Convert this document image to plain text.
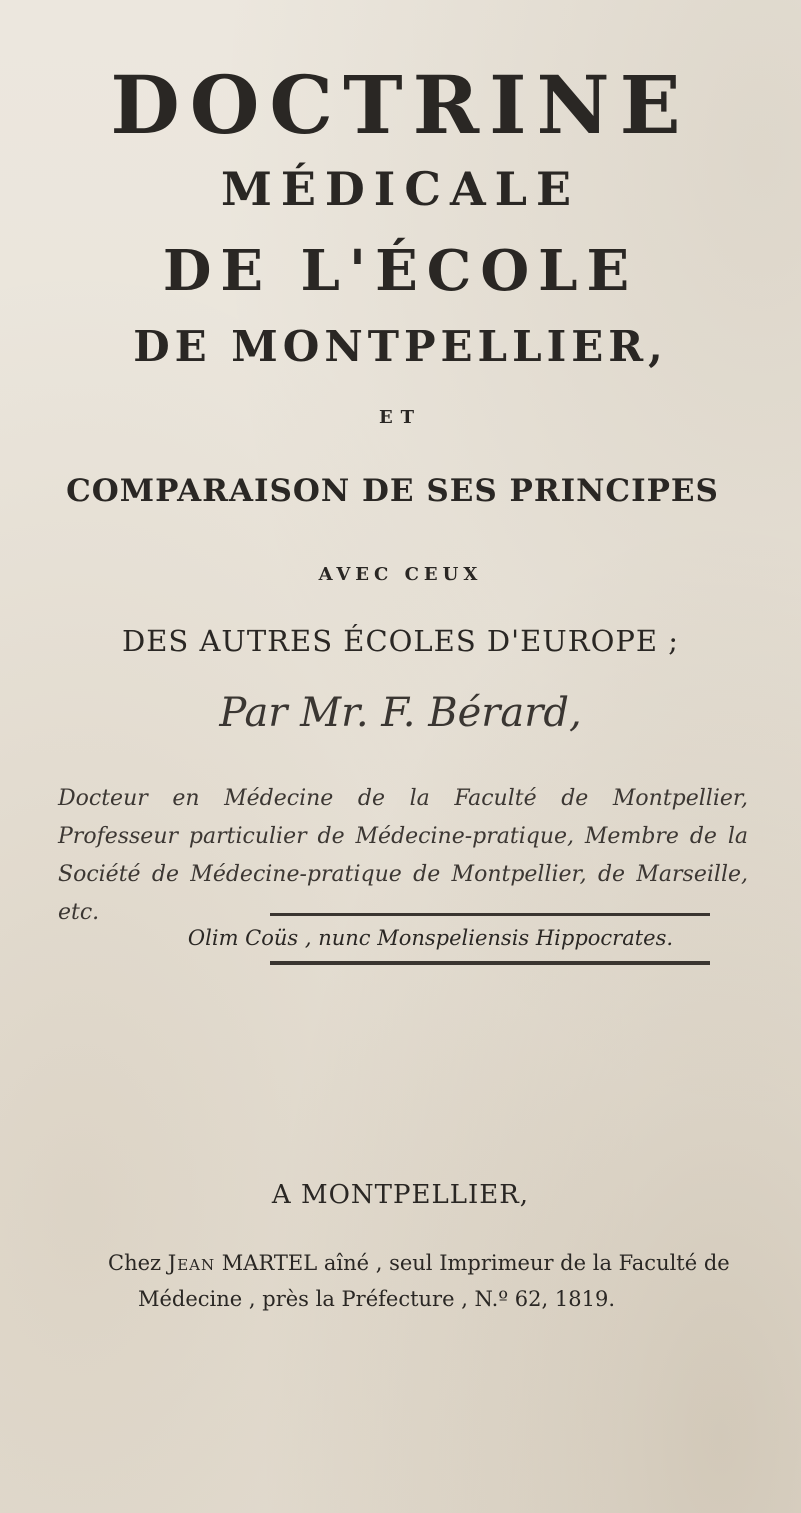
DOCTRINE
MÉDICALE
DE L'ÉCOLE
DE MONTPELLIER,
ET
COMPARAISON DE SES PRINCIPES
AVEC CEUX
DES AUTRES ÉCOLES D'EUROPE ;
Par Mr. F. Bérard,
Docteur en Médecine de la Faculté de Montpellier, Professeur particulier de Médecine-pratique, Membre de la Société de Médecine-pratique de Montpellier, de Marseille, etc.
Olim Coüs , nunc Monspeliensis Hippocrates.
A MONTPELLIER,
Chez Jean MARTEL aîné , seul Imprimeur de la Faculté de
Médecine , près la Préfecture , N.º 62, 1819.
